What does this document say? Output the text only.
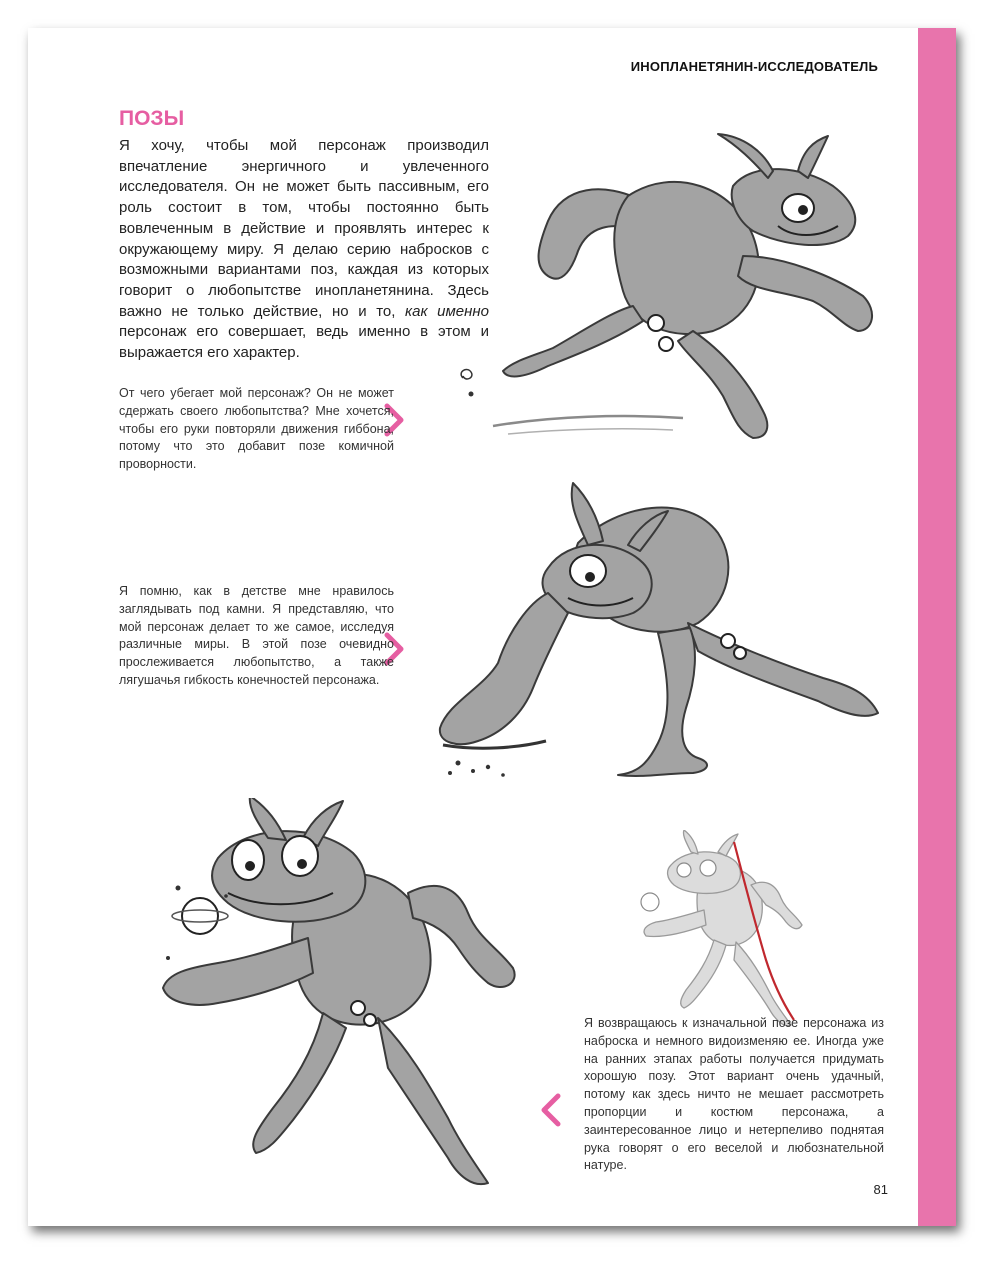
ИНОПЛАНЕТЯНИН-ИССЛЕДОВАТЕЛЬ
ПОЗЫ

Я хочу, чтобы мой персонаж производил впечатление энергичного и увлеченного исследователя. Он не может быть пассивным, его роль состоит в том, чтобы постоянно быть вовлеченным в действие и проявлять интерес к окружающему миру. Я делаю серию набросков с возможными вариантами поз, каждая из которых говорит о любопытстве инопланетянина. Здесь важно не только действие, но и то, как именно персонаж его совершает, ведь именно в этом и выражается его характер.

От чего убегает мой персонаж? Он не может сдержать своего любопытства? Мне хочется, чтобы его руки повторяли движения гиббона, потому что это добавит позе комичной проворности.

Я помню, как в детстве мне нравилось заглядывать под камни. Я представляю, что мой персонаж делает то же самое, исследуя различные миры. В этой позе очевидно прослеживается любопытство, а также лягушачья гибкость конечностей персонажа.

Я возвращаюсь к изначальной позе персонажа из наброска и немного видоизменяю ее. Иногда уже на ранних этапах работы получается придумать хорошую позу. Этот вариант очень удачный, потому как здесь ничто не мешает рассмотреть пропорции и костюм персонажа, а заинтересованное лицо и нетерпеливо поднятая рука говорят о его веселой и любознательной натуре.

81
